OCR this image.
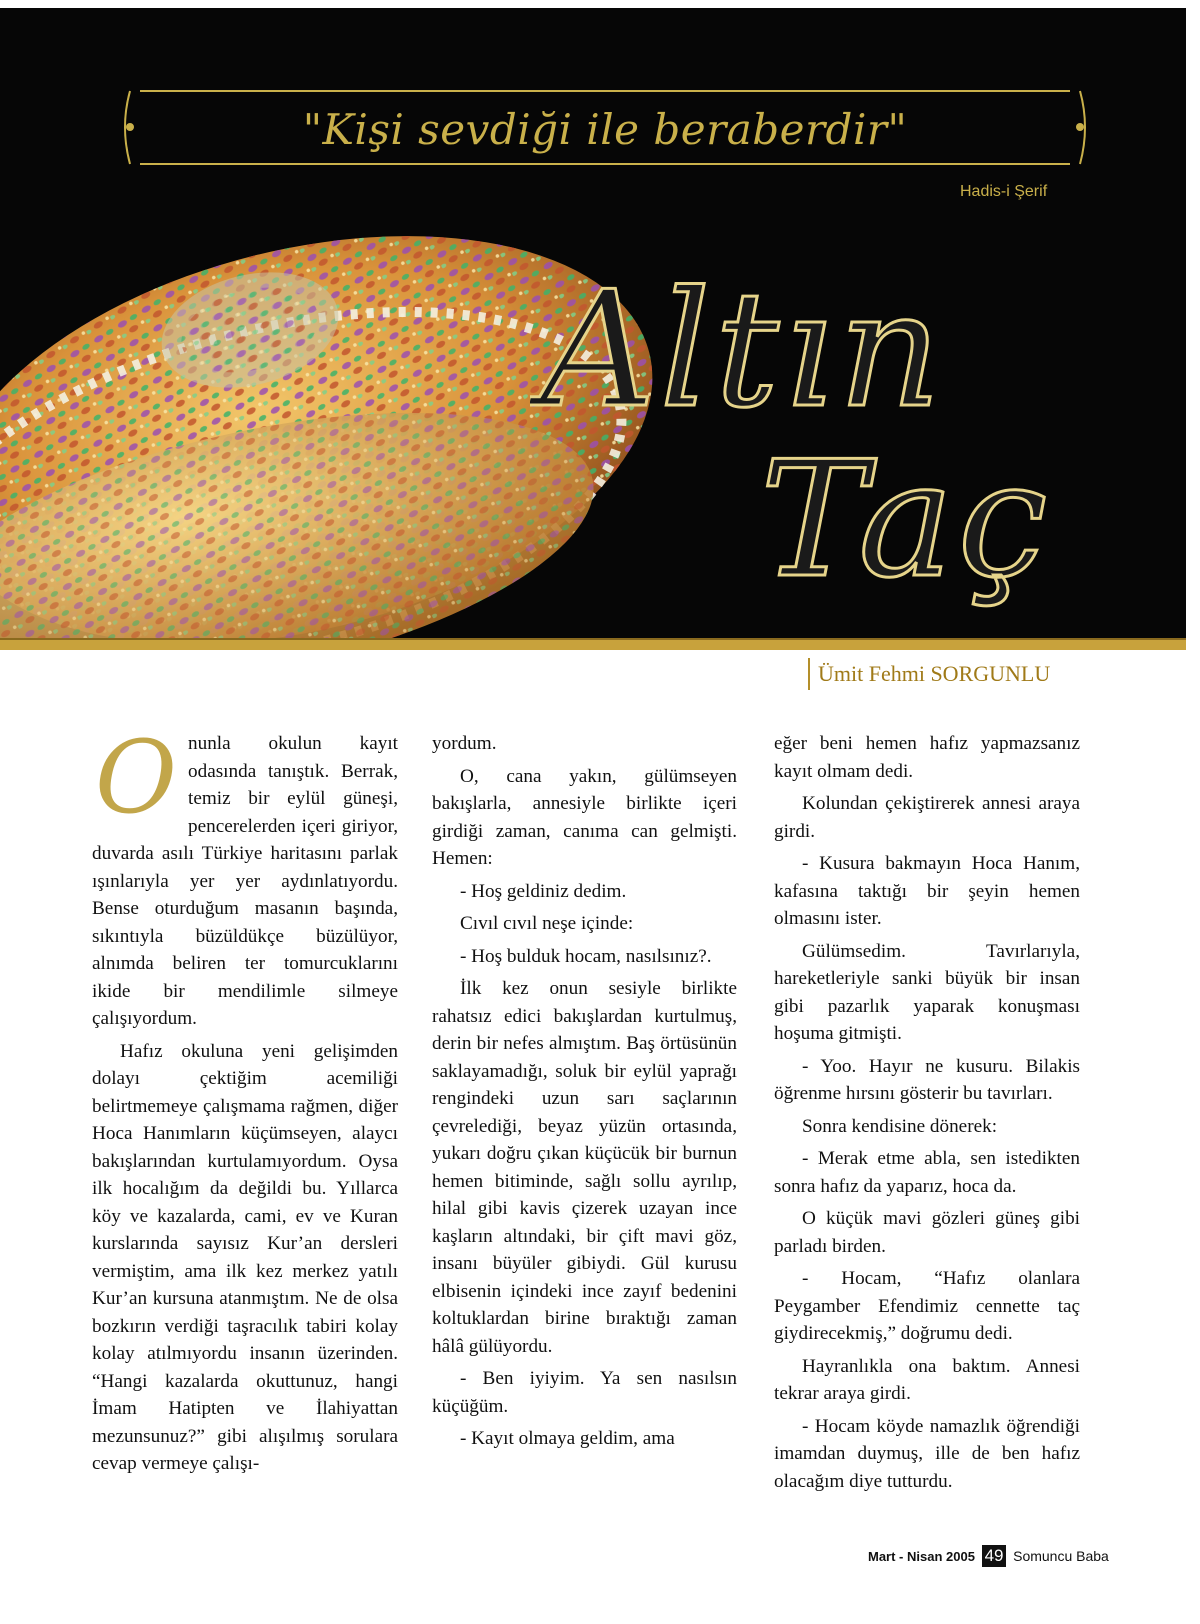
"Kişi sevdiği ile beraberdir"
Hadis-i Şerif
Altın
Taç
Ümit Fehmi SORGUNLU
O nunla okulun kayıt odasında tanıştık. Berrak, temiz bir eylül güneşi, pencerelerden içeri giriyor, duvarda asılı Türkiye haritasını parlak ışınlarıyla yer yer aydınlatıyordu. Bense oturduğum masanın başında, sıkıntıyla büzüldükçe büzülüyor, alnımda beliren ter tomurcuklarını ikide bir mendilimle silmeye çalışıyordum.

Hafız okuluna yeni gelişimden dolayı çektiğim acemiliği belirtmemeye çalışmama rağmen, diğer Hoca Hanımların küçümseyen, alaycı bakışlarından kurtulamıyordum. Oysa ilk hocalığım da değildi bu. Yıllarca köy ve kazalarda, cami, ev ve Kuran kurslarında sayısız Kur’an dersleri vermiştim, ama ilk kez merkez yatılı Kur’an kursuna atanmıştım. Ne de olsa bozkırın verdiği taşracılık tabiri kolay kolay atılmıyordu insanın üzerinden. “Hangi kazalarda okuttunuz, hangi İmam Hatipten ve İlahiyattan mezunsunuz?” gibi alışılmış sorulara cevap vermeye çalışı-

yordum.

O, cana yakın, gülümseyen bakışlarla, annesiyle birlikte içeri girdiği zaman, canıma can gelmişti. Hemen:

- Hoş geldiniz dedim.

Cıvıl cıvıl neşe içinde:

- Hoş bulduk hocam, nasılsınız?.

İlk kez onun sesiyle birlikte rahatsız edici bakışlardan kurtulmuş, derin bir nefes almıştım. Baş örtüsünün saklayamadığı, soluk bir eylül yaprağı rengindeki uzun sarı saçlarının çevrelediği, beyaz yüzün ortasında, yukarı doğru çıkan küçücük bir burnun hemen bitiminde, sağlı sollu ayrılıp, hilal gibi kavis çizerek uzayan ince kaşların altındaki, bir çift mavi göz, insanı büyüler gibiydi. Gül kurusu elbisenin içindeki ince zayıf bedenini koltuklardan birine bıraktığı zaman hâlâ gülüyordu.

- Ben iyiyim. Ya sen nasılsın küçüğüm.

- Kayıt olmaya geldim, ama

eğer beni hemen hafız yapmazsanız kayıt olmam dedi.

Kolundan çekiştirerek annesi araya girdi.

- Kusura bakmayın Hoca Hanım, kafasına taktığı bir şeyin hemen olmasını ister.

Gülümsedim. Tavırlarıyla, hareketleriyle sanki büyük bir insan gibi pazarlık yaparak konuşması hoşuma gitmişti.

- Yoo. Hayır ne kusuru. Bilakis öğrenme hırsını gösterir bu tavırları.

Sonra kendisine dönerek:

- Merak etme abla, sen istedikten sonra hafız da yaparız, hoca da.

O küçük mavi gözleri güneş gibi parladı birden.

- Hocam, “Hafız olanlara Peygamber Efendimiz cennette taç giydirecekmiş,” doğrumu dedi.

Hayranlıkla ona baktım. Annesi tekrar araya girdi.

- Hocam köyde namazlık öğrendiği imamdan duymuş, ille de ben hafız olacağım diye tutturdu.

Mart - Nisan 2005 49 Somuncu Baba
